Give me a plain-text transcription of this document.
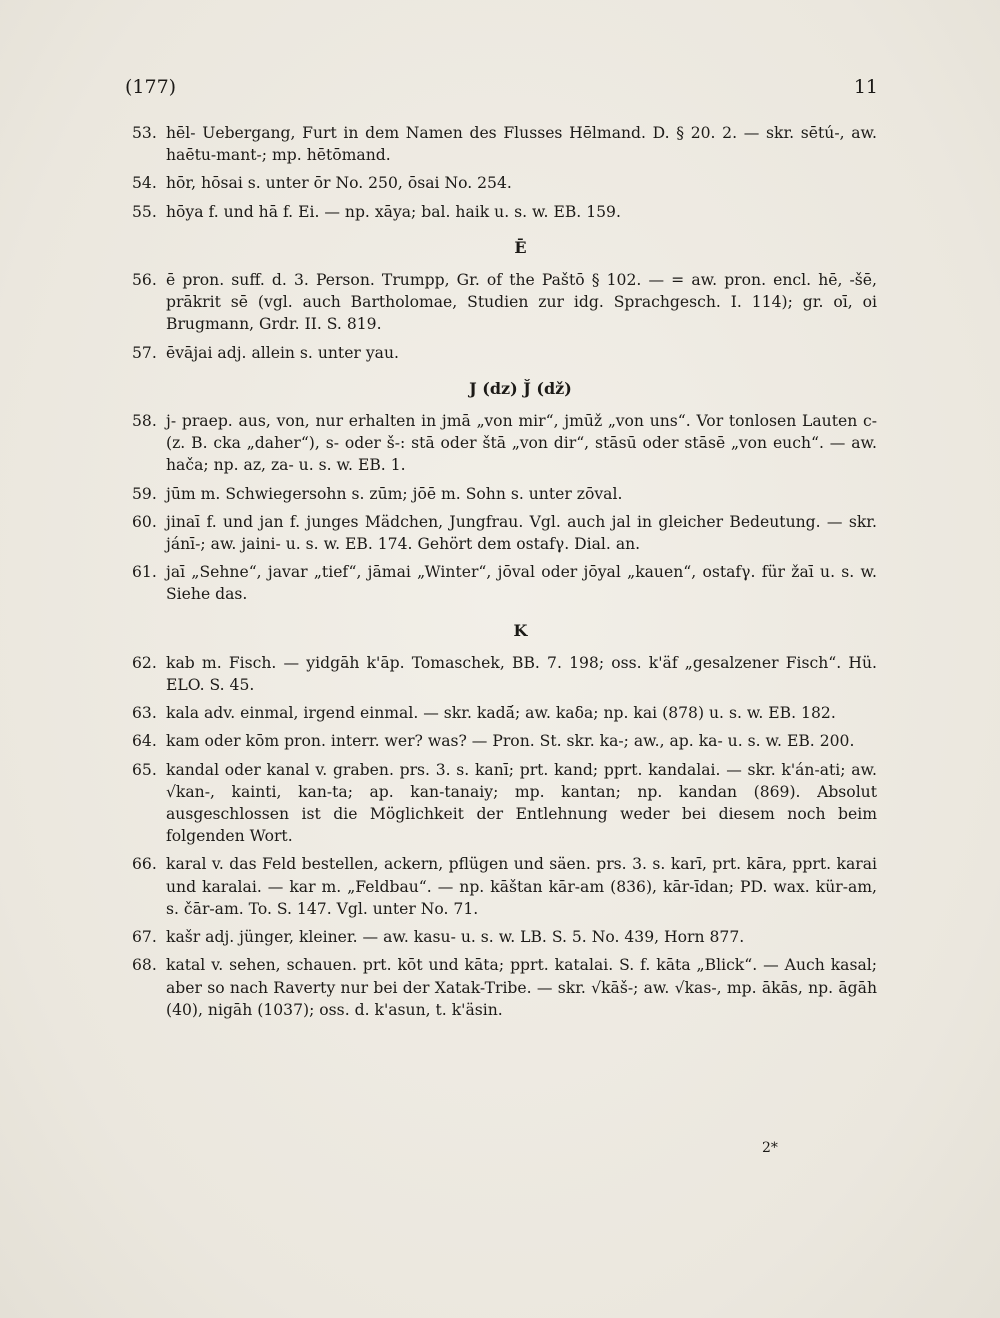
(177)	11
53. hēl- Uebergang, Furt in dem Namen des Flusses Hēlmand. D. § 20. 2. — skr. sētú-, aw. haētu-mant-; mp. hētōmand.
54. hōr, hōsai s. unter ōr No. 250, ōsai No. 254.
55. hōya f. und hā f. Ei. — np. xāya; bal. haik u. s. w. EB. 159.
Ē
56. ē pron. suff. d. 3. Person. Trumpp, Gr. of the Paštō § 102. — = aw. pron. encl. hē, -šē, prākrit sē (vgl. auch Bartholomae, Studien zur idg. Sprachgesch. I. 114); gr. oī, oi Brugmann, Grdr. II. S. 819.
57. ēvājai adj. allein s. unter yau.
J (dz) J̌ (dž)
58. j- praep. aus, von, nur erhalten in jmā „von mir“, jmūž „von uns“. Vor tonlosen Lauten c- (z. B. cka „daher“), s- oder š-: stā oder štā „von dir“, stāsū oder stāsē „von euch“. — aw. hača; np. az, za- u. s. w. EB. 1.
59. jūm m. Schwiegersohn s. zūm; jōē m. Sohn s. unter zōval.
60. jinaī f. und jan f. junges Mädchen, Jungfrau. Vgl. auch jal in gleicher Bedeutung. — skr. jánī-; aw. jaini- u. s. w. EB. 174. Gehört dem ostafγ. Dial. an.
61. jaī „Sehne“, javar „tief“, jāmai „Winter“, jōval oder jōyal „kauen“, ostafγ. für žaī u. s. w. Siehe das.
K
62. kab m. Fisch. — yidgāh k'āp. Tomaschek, BB. 7. 198; oss. k'äf „gesalzener Fisch“. Hü. ELO. S. 45.
63. kala adv. einmal, irgend einmal. — skr. kadā́; aw. kaδa; np. kai (878) u. s. w. EB. 182.
64. kam oder kōm pron. interr. wer? was? — Pron. St. skr. ka-; aw., ap. ka- u. s. w. EB. 200.
65. kandal oder kanal v. graben. prs. 3. s. kanī; prt. kand; pprt. kandalai. — skr. k'án-ati; aw. √kan-, kainti, kan-ta; ap. kan-tanaiy; mp. kantan; np. kandan (869). Absolut ausgeschlossen ist die Möglichkeit der Entlehnung weder bei diesem noch beim folgenden Wort.
66. karal v. das Feld bestellen, ackern, pflügen und säen. prs. 3. s. karī, prt. kāra, pprt. karai und karalai. — kar m. „Feldbau“. — np. kāštan kār-am (836), kār-īdan; PD. wax. kür-am, s. čār-am. To. S. 147. Vgl. unter No. 71.
67. kašr adj. jünger, kleiner. — aw. kasu- u. s. w. LB. S. 5. No. 439, Horn 877.
68. katal v. sehen, schauen. prt. kōt und kāta; pprt. katalai. S. f. kāta „Blick“. — Auch kasal; aber so nach Raverty nur bei der Xatak-Tribe. — skr. √kāš-; aw. √kas-, mp. ākās, np. āgāh (40), nigāh (1037); oss. d. k'asun, t. k'äsin.
2*
